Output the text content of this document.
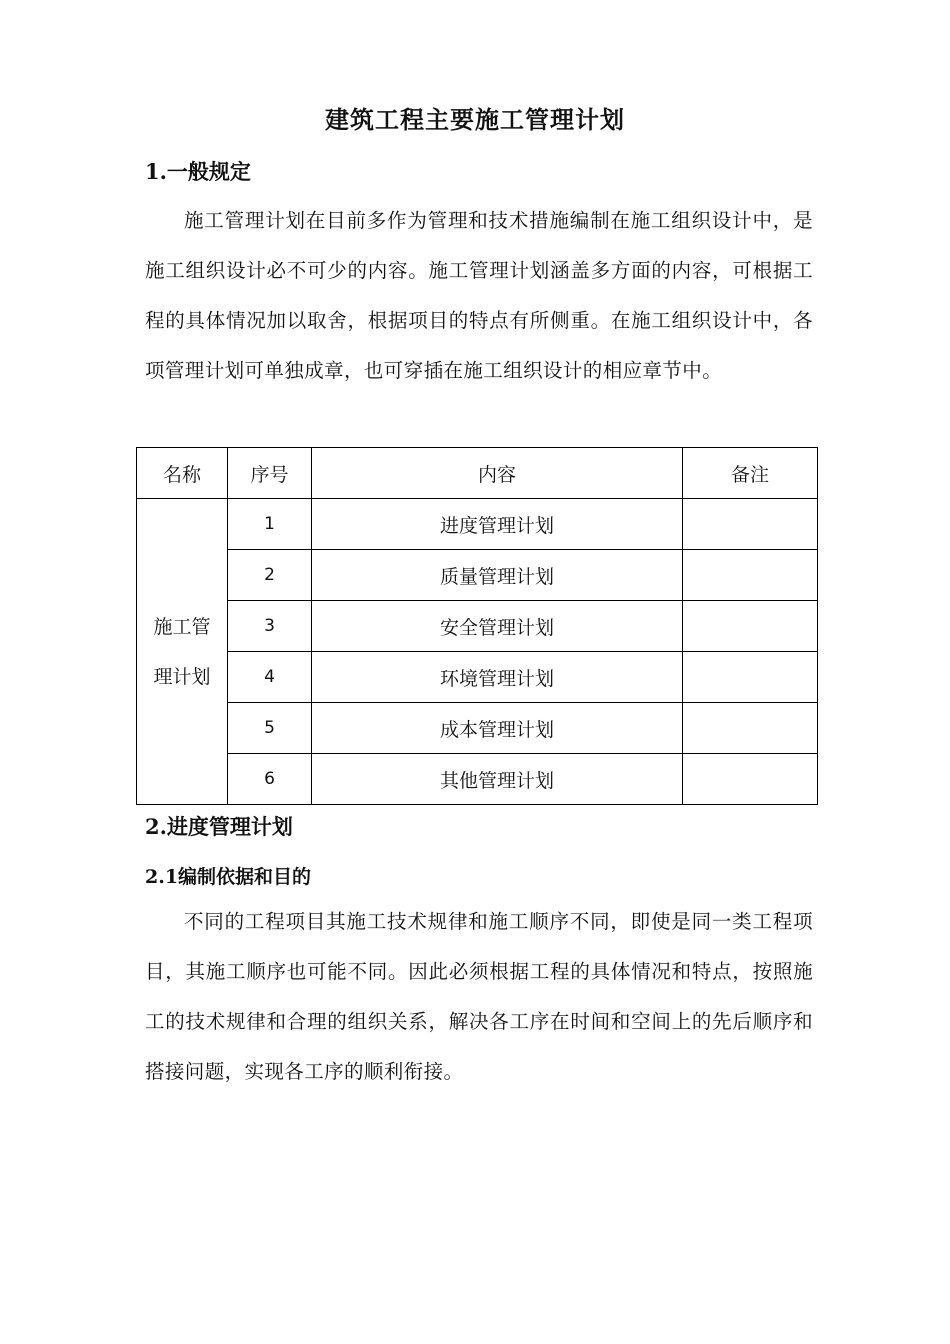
建筑工程主要施工管理计划
1.一般规定

施工管理计划在目前多作为管理和技术措施编制在施工组织设计中，是施工组织设计必不可少的内容。施工管理计划涵盖多方面的内容，可根据工程的具体情况加以取舍，根据项目的特点有所侧重。在施工组织设计中，各项管理计划可单独成章，也可穿插在施工组织设计的相应章节中。

名称	序号	内容	备注

施工管理计划	1	进度管理计划	
	2	质量管理计划	
	3	安全管理计划	
	4	环境管理计划	
	5	成本管理计划	
	6	其他管理计划	
2.进度管理计划
2.1编制依据和目的

不同的工程项目其施工技术规律和施工顺序不同，即使是同一类工程项目，其施工顺序也可能不同。因此必须根据工程的具体情况和特点，按照施工的技术规律和合理的组织关系，解决各工序在时间和空间上的先后顺序和搭接问题，实现各工序的顺利衔接。
